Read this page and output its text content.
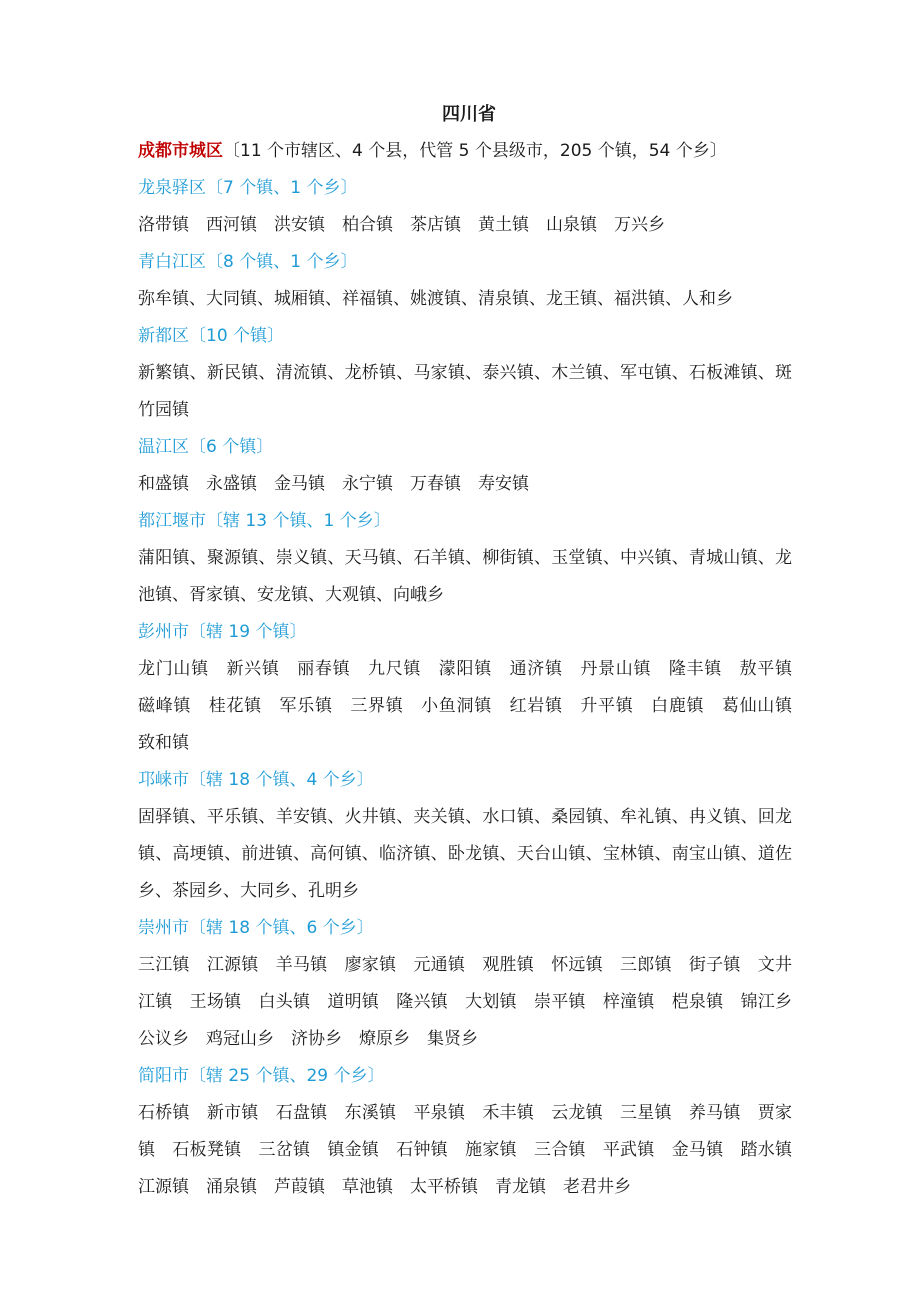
四川省
成都市城区〔11 个市辖区、4 个县，代管 5 个县级市，205 个镇，54 个乡〕
龙泉驿区〔7 个镇、1 个乡〕
洛带镇　西河镇　洪安镇　柏合镇　茶店镇　黄土镇　山泉镇　万兴乡
青白江区〔8 个镇、1 个乡〕
弥牟镇、大同镇、城厢镇、祥福镇、姚渡镇、清泉镇、龙王镇、福洪镇、人和乡
新都区〔10 个镇〕
新繁镇、新民镇、清流镇、龙桥镇、马家镇、泰兴镇、木兰镇、军屯镇、石板滩镇、斑竹园镇
温江区〔6 个镇〕
和盛镇　永盛镇　金马镇　永宁镇　万春镇　寿安镇
都江堰市〔辖 13 个镇、1 个乡〕
蒲阳镇、聚源镇、崇义镇、天马镇、石羊镇、柳街镇、玉堂镇、中兴镇、青城山镇、龙池镇、胥家镇、安龙镇、大观镇、向峨乡
彭州市〔辖 19 个镇〕
龙门山镇　新兴镇　丽春镇　九尺镇　濛阳镇　通济镇　丹景山镇　隆丰镇　敖平镇　磁峰镇　桂花镇　军乐镇　三界镇　小鱼洞镇　红岩镇　升平镇　白鹿镇　葛仙山镇　致和镇
邛崃市〔辖 18 个镇、4 个乡〕
固驿镇、平乐镇、羊安镇、火井镇、夹关镇、水口镇、桑园镇、牟礼镇、冉义镇、回龙镇、高埂镇、前进镇、高何镇、临济镇、卧龙镇、天台山镇、宝林镇、南宝山镇、道佐乡、茶园乡、大同乡、孔明乡
崇州市〔辖 18 个镇、6 个乡〕
三江镇　江源镇　羊马镇　廖家镇　元通镇　观胜镇　怀远镇　三郎镇　街子镇　文井江镇　王场镇　白头镇　道明镇　隆兴镇　大划镇　崇平镇　梓潼镇　桤泉镇　锦江乡　公议乡　鸡冠山乡　济协乡　燎原乡　集贤乡
简阳市〔辖 25 个镇、29 个乡〕
石桥镇　新市镇　石盘镇　东溪镇　平泉镇　禾丰镇　云龙镇　三星镇　养马镇　贾家镇　石板凳镇　三岔镇　镇金镇　石钟镇　施家镇　三合镇　平武镇　金马镇　踏水镇　江源镇　涌泉镇　芦葭镇　草池镇　太平桥镇　青龙镇　老君井乡
